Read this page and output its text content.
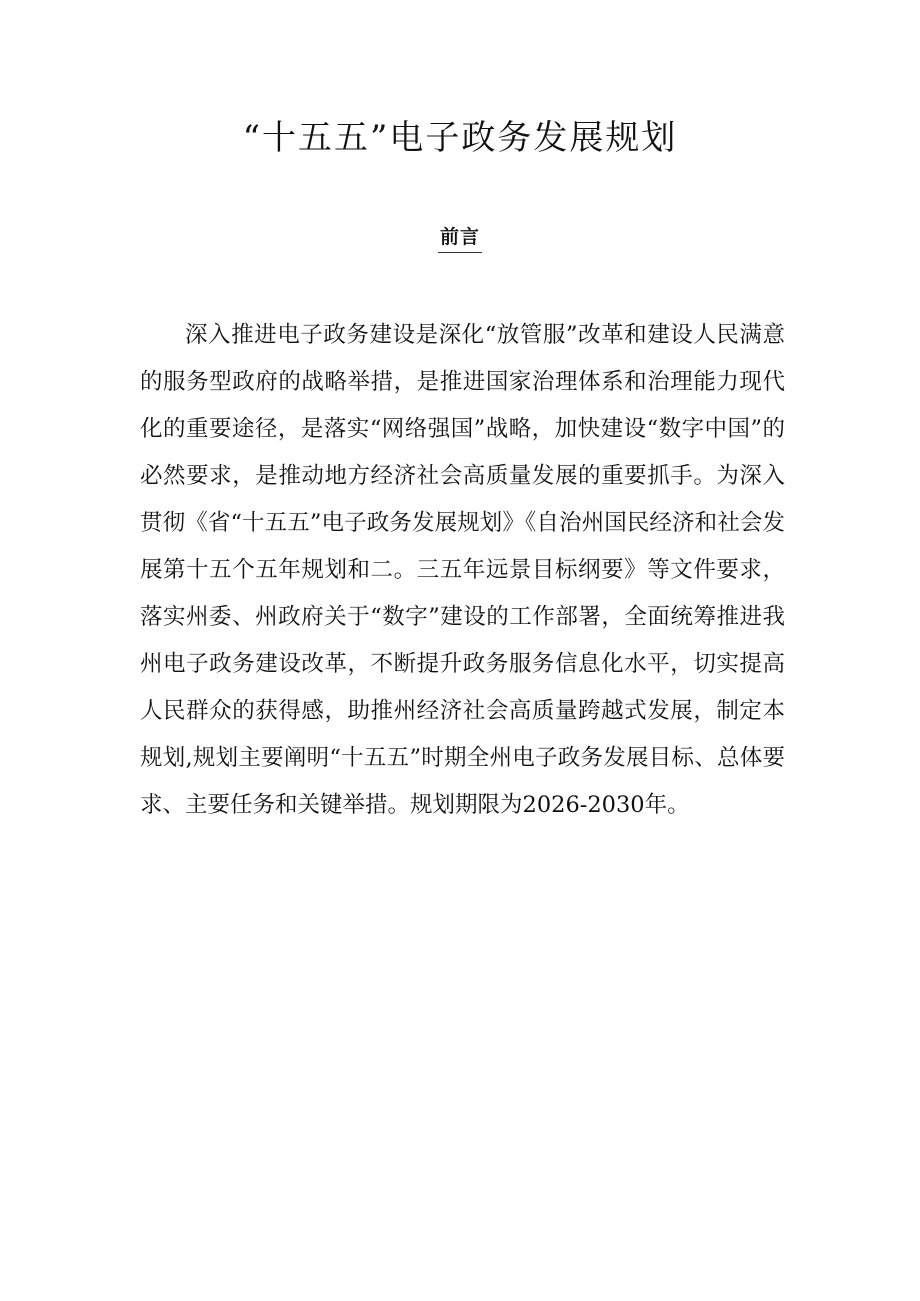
“十五五”电子政务发展规划
前言

深入推进电子政务建设是深化“放管服”改革和建设人民满意的服务型政府的战略举措，是推进国家治理体系和治理能力现代化的重要途径，是落实“网络强国”战略，加快建设“数字中国”的必然要求，是推动地方经济社会高质量发展的重要抓手。为深入贯彻《省“十五五”电子政务发展规划》《自治州国民经济和社会发展第十五个五年规划和二。三五年远景目标纲要》等文件要求，落实州委、州政府关于“数字”建设的工作部署，全面统筹推进我州电子政务建设改革，不断提升政务服务信息化水平，切实提高人民群众的获得感，助推州经济社会高质量跨越式发展，制定本规划,规划主要阐明“十五五”时期全州电子政务发展目标、总体要求、主要任务和关键举措。规划期限为2026-2030年。
